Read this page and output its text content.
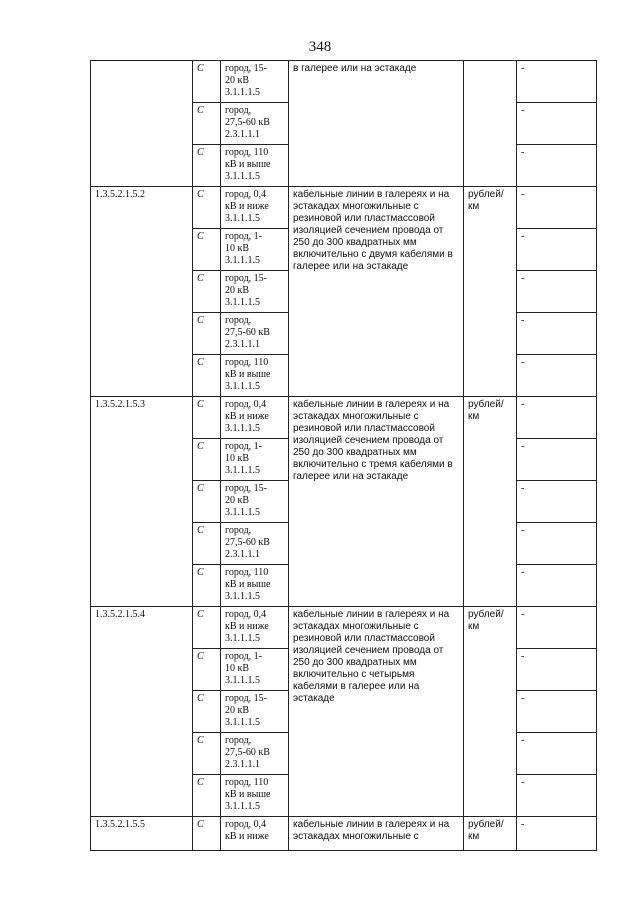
348
	С	город, 15-
20 кВ
3.1.1.1.5	в галерее или на эстакаде		-
	С	город,
27,5-60 кВ
2.3.1.1.1			-
	С	город, 110
кВ и выше
3.1.1.1.5			-
1.3.5.2.1.5.2	С	город, 0,4
кВ и ниже
3.1.1.1.5	кабельные линии в галереях и на эстакадах многожильные с резиновой или пластмассовой изоляцией сечением провода от 250 до 300 квадратных мм включительно с двумя кабелями в галерее или на эстакаде	рублей/ км	-
	С	город, 1-
10 кВ
3.1.1.1.5			-
	С	город, 15-
20 кВ
3.1.1.1.5			-
	С	город,
27,5-60 кВ
2.3.1.1.1			-
	С	город, 110
кВ и выше
3.1.1.1.5			-
1.3.5.2.1.5.3	С	город, 0,4
кВ и ниже
3.1.1.1.5	кабельные линии в галереях и на эстакадах многожильные с резиновой или пластмассовой изоляцией сечением провода от 250 до 300 квадратных мм включительно с тремя кабелями в галерее или на эстакаде	рублей/ км	-
	С	город, 1-
10 кВ
3.1.1.1.5			-
	С	город, 15-
20 кВ
3.1.1.1.5			-
	С	город,
27,5-60 кВ
2.3.1.1.1			-
	С	город, 110
кВ и выше
3.1.1.1.5			-
1.3.5.2.1.5.4	С	город, 0,4
кВ и ниже
3.1.1.1.5	кабельные линии в галереях и на эстакадах многожильные с резиновой или пластмассовой изоляцией сечением провода от 250 до 300 квадратных мм включительно с четырьмя кабелями в галерее или на эстакаде	рублей/ км	-
	С	город, 1-
10 кВ
3.1.1.1.5			-
	С	город, 15-
20 кВ
3.1.1.1.5			-
	С	город,
27,5-60 кВ
2.3.1.1.1			-
	С	город, 110
кВ и выше
3.1.1.1.5			-
1.3.5.2.1.5.5	С	город, 0,4
кВ и ниже	кабельные линии в галереях и на эстакадах многожильные с	рублей/ км	-
